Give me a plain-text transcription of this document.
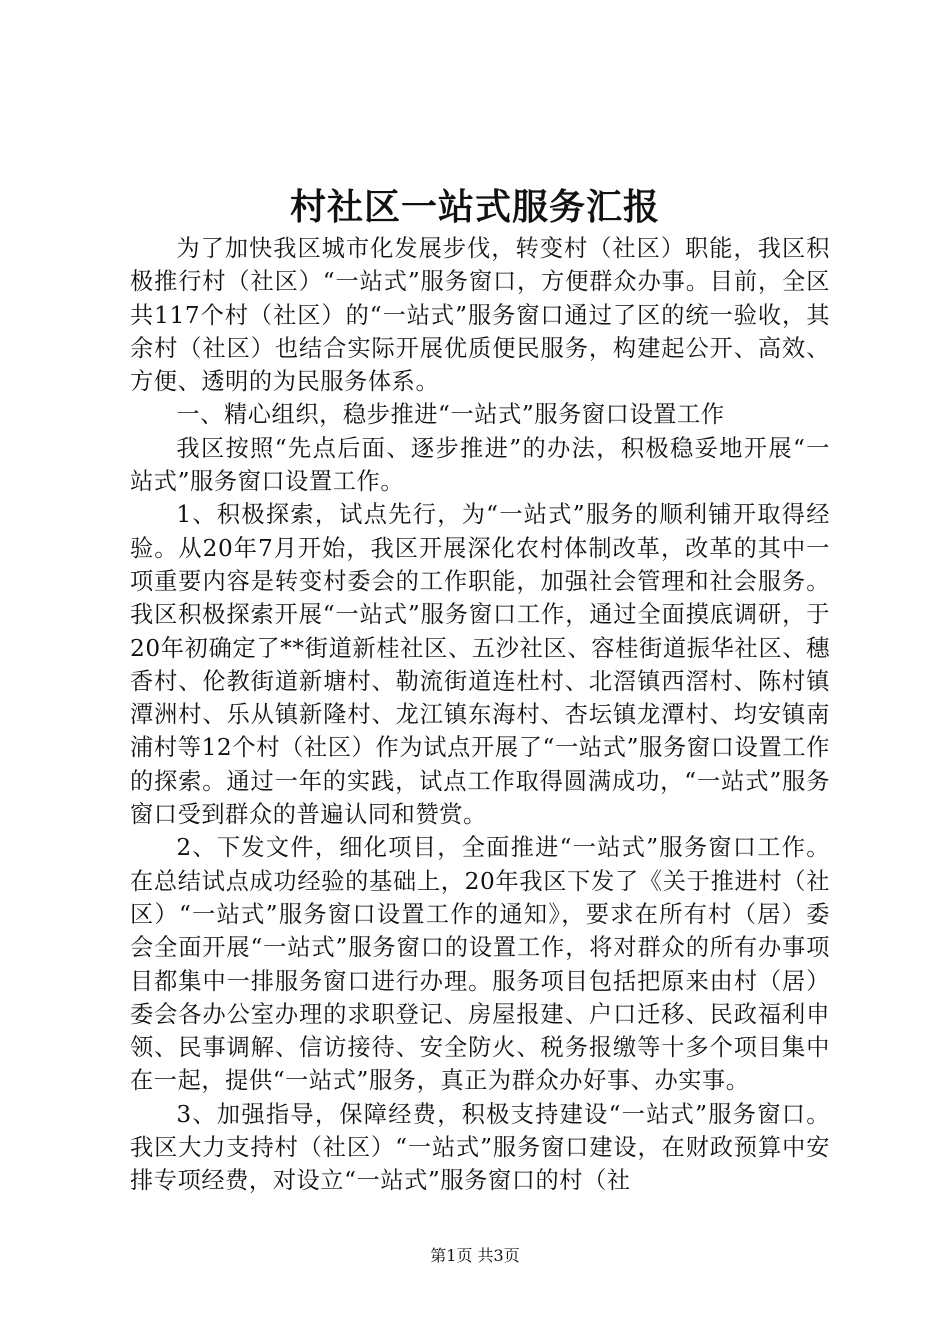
村社区一站式服务汇报

为了加快我区城市化发展步伐，转变村（社区）职能，我区积极推行村（社区）“一站式”服务窗口，方便群众办事。目前，全区共117个村（社区）的“一站式”服务窗口通过了区的统一验收，其余村（社区）也结合实际开展优质便民服务，构建起公开、高效、方便、透明的为民服务体系。

一、精心组织，稳步推进“一站式”服务窗口设置工作

我区按照“先点后面、逐步推进”的办法，积极稳妥地开展“一站式”服务窗口设置工作。

1、积极探索，试点先行，为“一站式”服务的顺利铺开取得经验。从20年7月开始，我区开展深化农村体制改革，改革的其中一项重要内容是转变村委会的工作职能，加强社会管理和社会服务。我区积极探索开展“一站式”服务窗口工作，通过全面摸底调研，于20年初确定了**街道新桂社区、五沙社区、容桂街道振华社区、穗香村、伦教街道新塘村、勒流街道连杜村、北滘镇西滘村、陈村镇潭洲村、乐从镇新隆村、龙江镇东海村、杏坛镇龙潭村、均安镇南浦村等12个村（社区）作为试点开展了“一站式”服务窗口设置工作的探索。通过一年的实践，试点工作取得圆满成功，“一站式”服务窗口受到群众的普遍认同和赞赏。

2、下发文件，细化项目，全面推进“一站式”服务窗口工作。在总结试点成功经验的基础上，20年我区下发了《关于推进村（社区）“一站式”服务窗口设置工作的通知》，要求在所有村（居）委会全面开展“一站式”服务窗口的设置工作，将对群众的所有办事项目都集中一排服务窗口进行办理。服务项目包括把原来由村（居）委会各办公室办理的求职登记、房屋报建、户口迁移、民政福利申领、民事调解、信访接待、安全防火、税务报缴等十多个项目集中在一起，提供“一站式”服务，真正为群众办好事、办实事。

3、加强指导，保障经费，积极支持建设“一站式”服务窗口。我区大力支持村（社区）“一站式”服务窗口建设，在财政预算中安排专项经费，对设立“一站式”服务窗口的村（社

第1页 共3页
